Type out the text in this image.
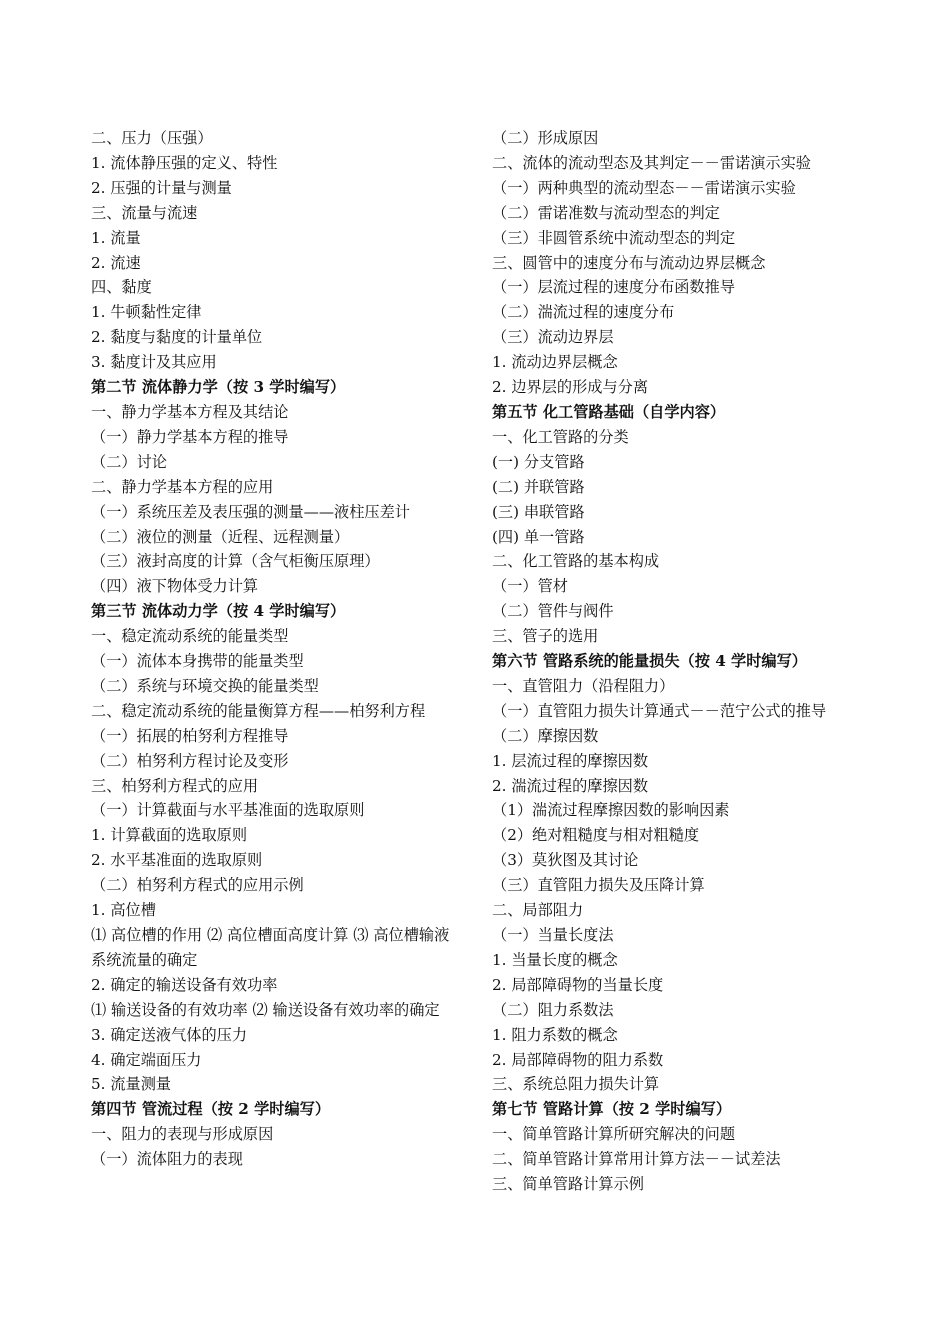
二、压力（压强）

1. 流体静压强的定义、特性

2. 压强的计量与测量

三、流量与流速

1. 流量

2. 流速

四、黏度

1. 牛顿黏性定律

2. 黏度与黏度的计量单位

3. 黏度计及其应用

第二节 流体静力学（按 3 学时编写）

一、静力学基本方程及其结论

（一）静力学基本方程的推导

（二）讨论

二、静力学基本方程的应用

（一）系统压差及表压强的测量——液柱压差计

（二）液位的测量（近程、远程测量）

（三）液封高度的计算（含气柜衡压原理）

（四）液下物体受力计算

第三节 流体动力学（按 4 学时编写）

一、稳定流动系统的能量类型

（一）流体本身携带的能量类型

（二）系统与环境交换的能量类型

二、稳定流动系统的能量衡算方程——柏努利方程

（一）拓展的柏努利方程推导

（二）柏努利方程讨论及变形

三、柏努利方程式的应用

（一）计算截面与水平基准面的选取原则

1. 计算截面的选取原则

2. 水平基准面的选取原则

（二）柏努利方程式的应用示例

1. 高位槽

⑴ 高位槽的作用 ⑵ 高位槽面高度计算 ⑶ 高位槽输液系统流量的确定

2. 确定的输送设备有效功率

⑴ 输送设备的有效功率 ⑵ 输送设备有效功率的确定

3. 确定送液气体的压力

4. 确定端面压力

5. 流量测量

第四节 管流过程（按 2 学时编写）

一、阻力的表现与形成原因

（一）流体阻力的表现

（二）形成原因

二、流体的流动型态及其判定－－雷诺演示实验

（一）两种典型的流动型态－－雷诺演示实验

（二）雷诺准数与流动型态的判定

（三）非圆管系统中流动型态的判定

三、圆管中的速度分布与流动边界层概念

（一）层流过程的速度分布函数推导

（二）湍流过程的速度分布

（三）流动边界层

1. 流动边界层概念

2. 边界层的形成与分离

第五节 化工管路基础（自学内容）

一、化工管路的分类

(一) 分支管路

(二) 并联管路

(三) 串联管路

(四) 单一管路

二、化工管路的基本构成

（一）管材

（二）管件与阀件

三、管子的选用

第六节 管路系统的能量损失（按 4 学时编写）

一、直管阻力（沿程阻力）

（一）直管阻力损失计算通式－－范宁公式的推导

（二）摩擦因数

1. 层流过程的摩擦因数

2. 湍流过程的摩擦因数

（1）湍流过程摩擦因数的影响因素

（2）绝对粗糙度与相对粗糙度

（3）莫狄图及其讨论

（三）直管阻力损失及压降计算

二、局部阻力

（一）当量长度法

1. 当量长度的概念

2. 局部障碍物的当量长度

（二）阻力系数法

1. 阻力系数的概念

2. 局部障碍物的阻力系数

三、系统总阻力损失计算

第七节 管路计算（按 2 学时编写）

一、简单管路计算所研究解决的问题

二、简单管路计算常用计算方法－－试差法

三、简单管路计算示例
